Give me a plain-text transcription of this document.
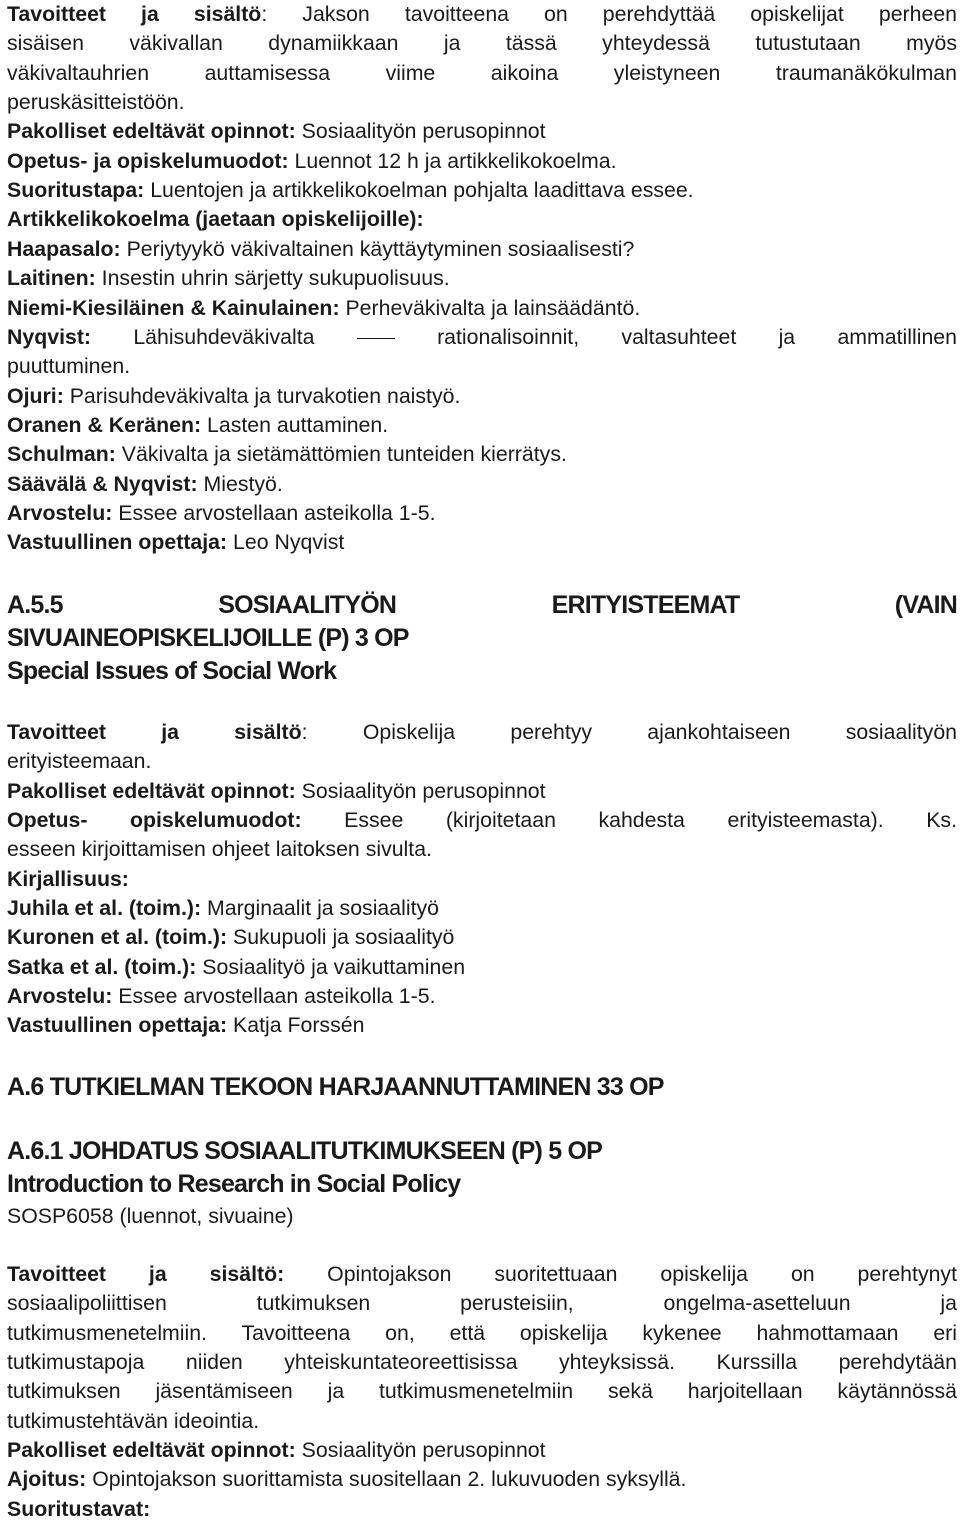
Tavoitteet ja sisältö: Jakson tavoitteena on perehdyttää opiskelijat perheen

sisäisen väkivallan dynamiikkaan ja tässä yhteydessä tutustutaan myös

väkivaltauhrien auttamisessa viime aikoina yleistyneen traumanäkökulman

peruskäsitteistöön.

Pakolliset edeltävät opinnot: Sosiaalityön perusopinnot

Opetus- ja opiskelumuodot: Luennot 12 h ja artikkelikokoelma.

Suoritustapa: Luentojen ja artikkelikokoelman pohjalta laadittava essee.

Artikkelikokoelma (jaetaan opiskelijoille):

Haapasalo: Periytyykö väkivaltainen käyttäytyminen sosiaalisesti?

Laitinen: Insestin uhrin särjetty sukupuolisuus.

Niemi-Kiesiläinen & Kainulainen: Perheväkivalta ja lainsäädäntö.

Nyqvist: Lähisuhdeväkivalta	rationalisoinnit, valtasuhteet ja ammatillinen

puuttuminen.

Ojuri: Parisuhdeväkivalta ja turvakotien naistyö.

Oranen & Keränen: Lasten auttaminen.

Schulman: Väkivalta ja sietämättömien tunteiden kierrätys.

Säävälä & Nyqvist: Miestyö.

Arvostelu: Essee arvostellaan asteikolla 1-5.

Vastuullinen opettaja: Leo Nyqvist

A.5.5 SOSIAALITYÖN ERITYISTEEMAT (VAIN

SIVUAINEOPISKELIJOILLE (P) 3 OP

Special Issues of Social Work

Tavoitteet ja sisältö:	Opiskelija perehtyy ajankohtaiseen sosiaalityön

erityisteemaan.

Pakolliset edeltävät opinnot: Sosiaalityön perusopinnot

Opetus- opiskelumuodot: Essee (kirjoitetaan kahdesta erityisteemasta). Ks.

esseen kirjoittamisen ohjeet laitoksen sivulta.

Kirjallisuus:

Juhila et al. (toim.): Marginaalit ja sosiaalityö

Kuronen et al. (toim.): Sukupuoli ja sosiaalityö

Satka et al. (toim.): Sosiaalityö ja vaikuttaminen

Arvostelu: Essee arvostellaan asteikolla 1-5.

Vastuullinen opettaja: Katja Forssén

A.6 TUTKIELMAN TEKOON HARJAANNUTTAMINEN 33 OP

A.6.1 JOHDATUS SOSIAALITUTKIMUKSEEN (P) 5 OP

Introduction to Research in Social Policy

SOSP6058 (luennot, sivuaine)

Tavoitteet ja sisältö: Opintojakson suoritettuaan opiskelija on perehtynyt

sosiaalipoliittisen tutkimuksen perusteisiin, ongelma-asetteluun ja

tutkimusmenetelmiin. Tavoitteena on, että opiskelija kykenee hahmottamaan eri

tutkimustapoja niiden yhteiskuntateoreettisissa yhteyksissä. Kurssilla perehdytään

tutkimuksen jäsentämiseen ja tutkimusmenetelmiin sekä harjoitellaan käytännössä

tutkimustehtävän ideointia.

Pakolliset edeltävät opinnot: Sosiaalityön perusopinnot

Ajoitus: Opintojakson suorittamista suositellaan 2. lukuvuoden syksyllä.

Suoritustavat:
